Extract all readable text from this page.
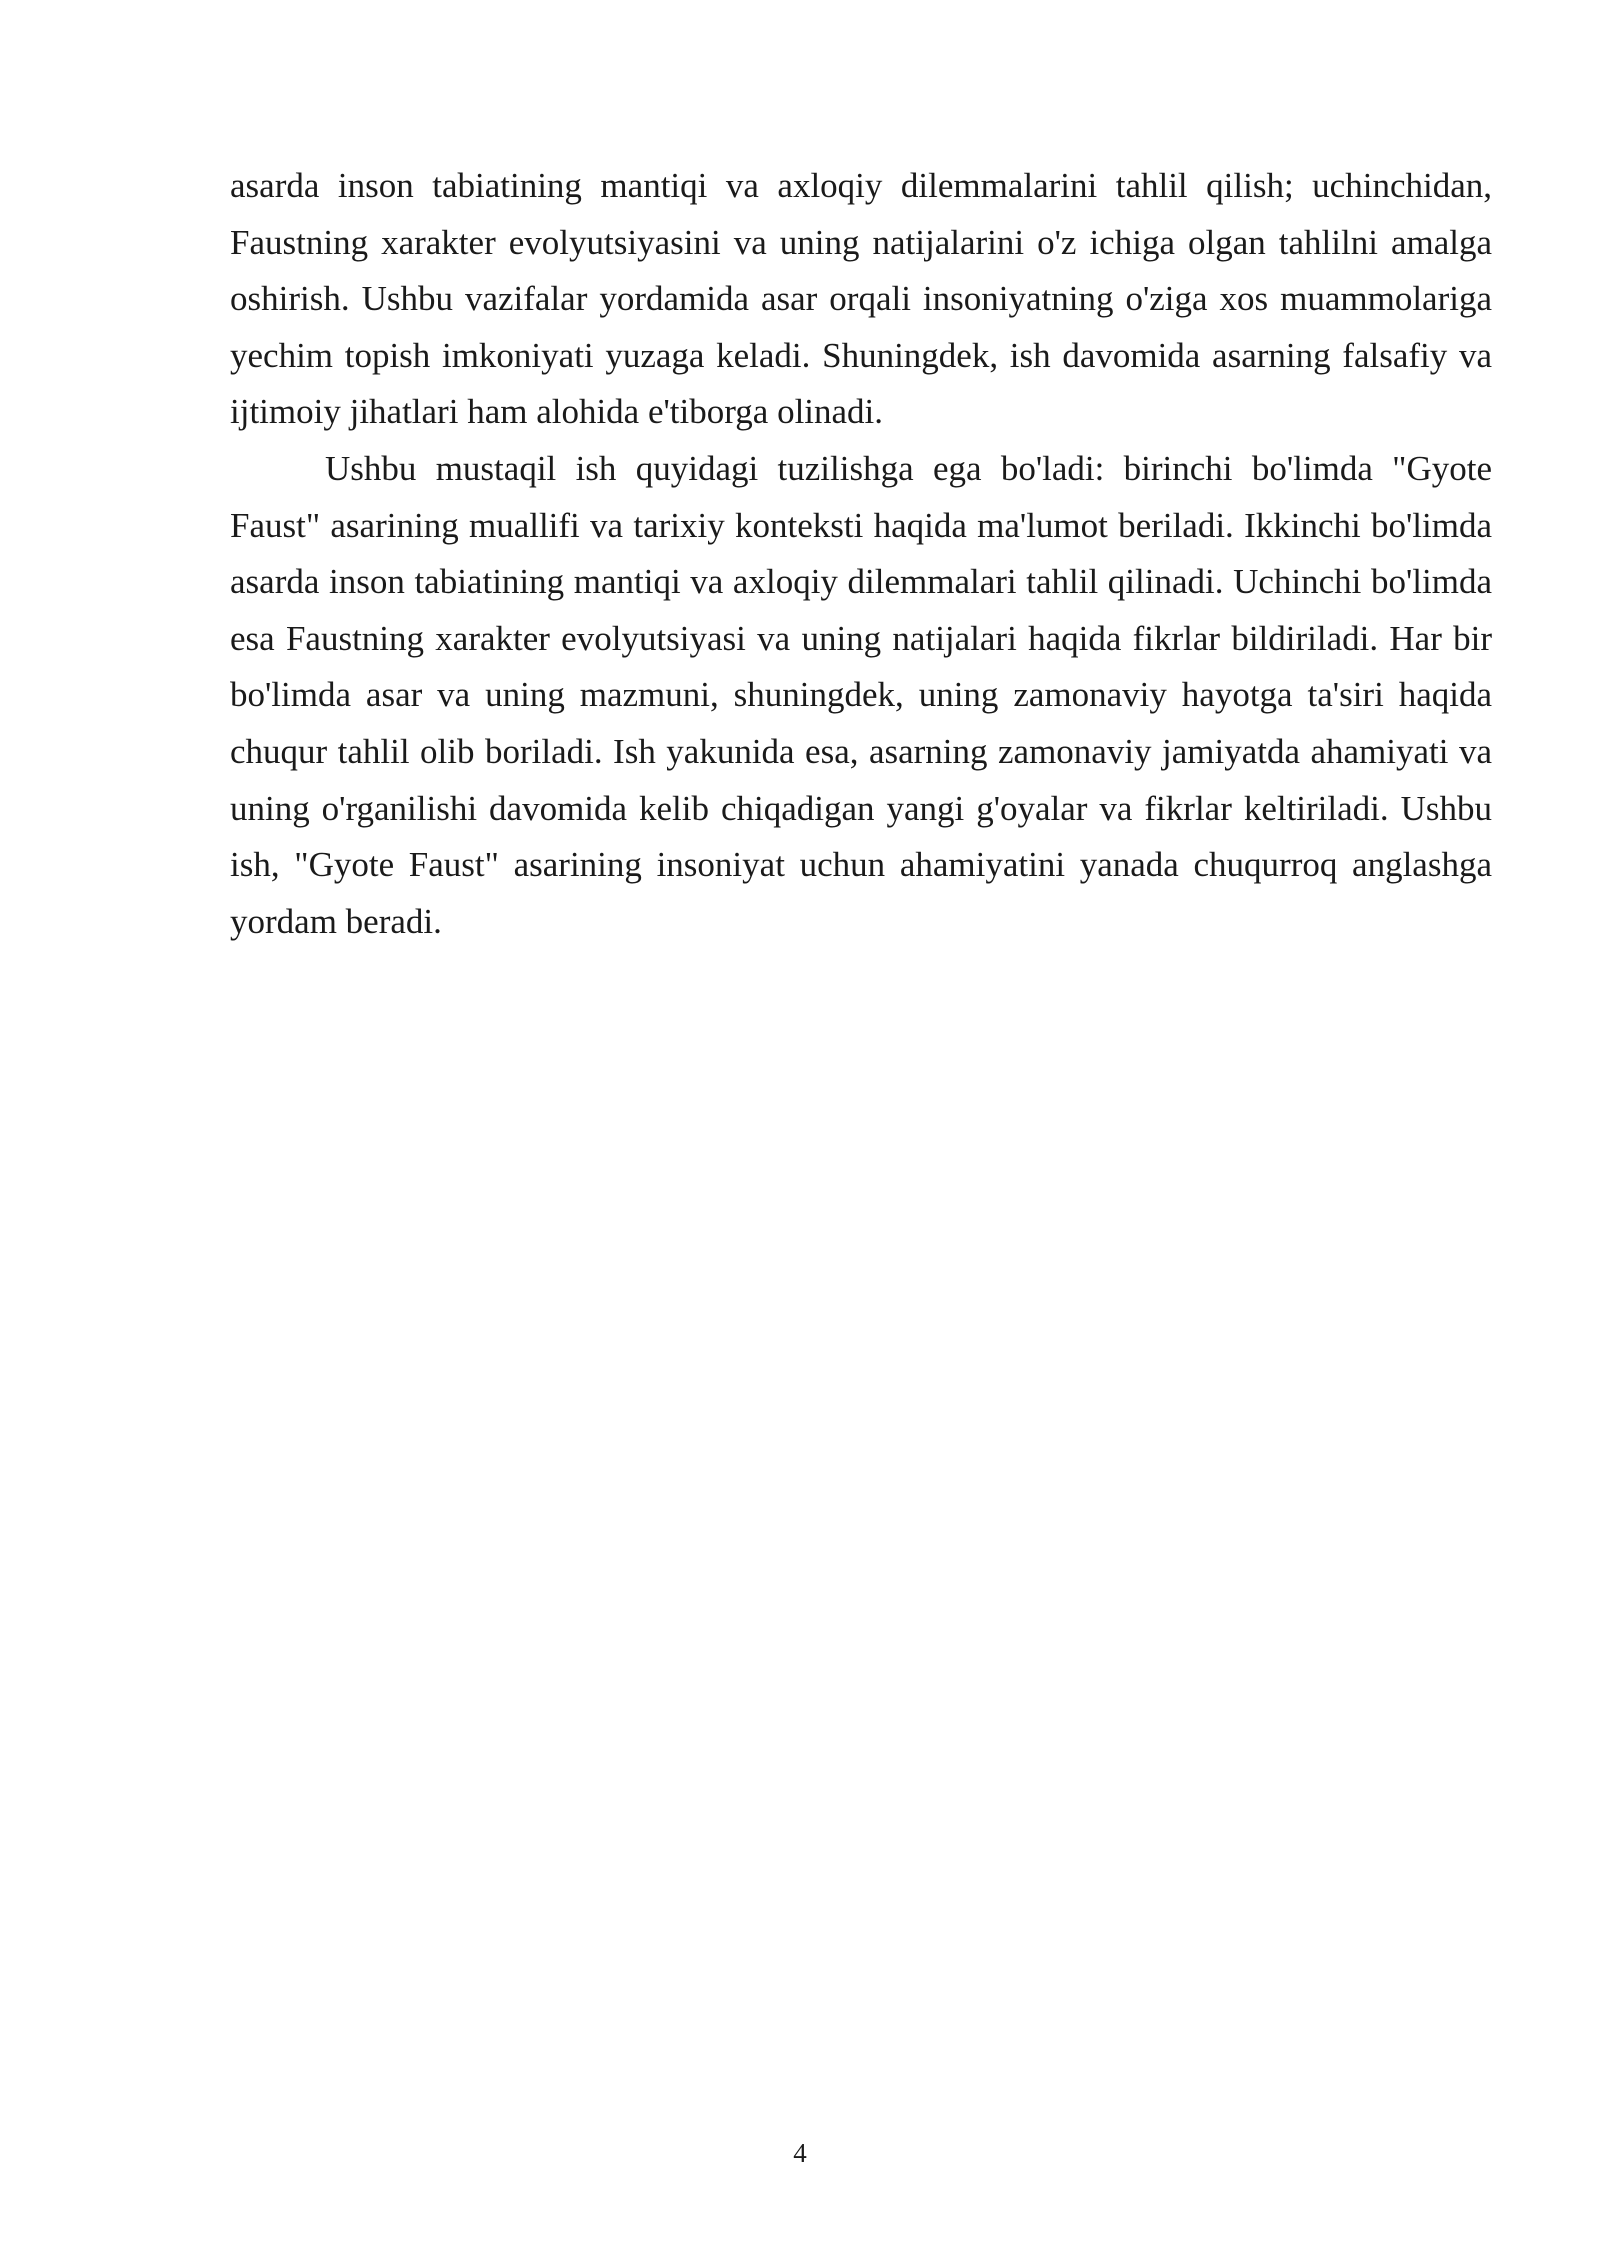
asarda inson tabiatining mantiqi va axloqiy dilemmalarini tahlil qilish; uchinchidan, Faustning xarakter evolyutsiyasini va uning natijalarini o'z ichiga olgan tahlilni amalga oshirish. Ushbu vazifalar yordamida asar orqali insoniyatning o'ziga xos muammolariga yechim topish imkoniyati yuzaga keladi. Shuningdek, ish davomida asarning falsafiy va ijtimoiy jihatlari ham alohida e'tiborga olinadi.

Ushbu mustaqil ish quyidagi tuzilishga ega bo'ladi: birinchi bo'limda "Gyote Faust" asarining muallifi va tarixiy konteksti haqida ma'lumot beriladi. Ikkinchi bo'limda asarda inson tabiatining mantiqi va axloqiy dilemmalari tahlil qilinadi. Uchinchi bo'limda esa Faustning xarakter evolyutsiyasi va uning natijalari haqida fikrlar bildiriladi. Har bir bo'limda asar va uning mazmuni, shuningdek, uning zamonaviy hayotga ta'siri haqida chuqur tahlil olib boriladi. Ish yakunida esa, asarning zamonaviy jamiyatda ahamiyati va uning o'rganilishi davomida kelib chiqadigan yangi g'oyalar va fikrlar keltiriladi. Ushbu ish, "Gyote Faust" asarining insoniyat uchun ahamiyatini yanada chuqurroq anglashga yordam beradi.

4
